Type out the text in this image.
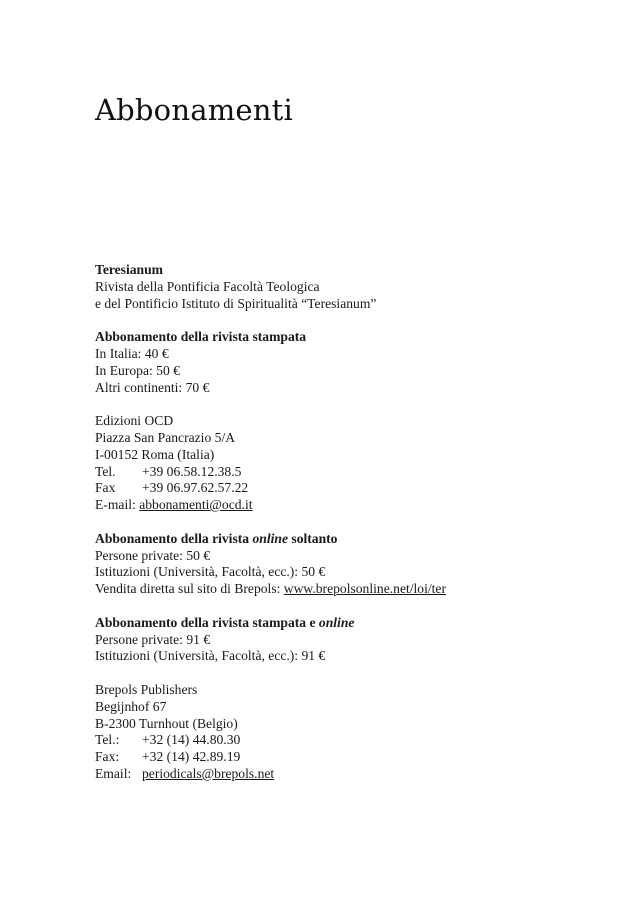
Abbonamenti
Teresianum
Rivista della Pontificia Facoltà Teologica
e del Pontificio Istituto di Spiritualità “Teresianum”
Abbonamento della rivista stampata
In Italia: 40 €
In Europa: 50 €
Altri continenti: 70 €
Edizioni OCD
Piazza San Pancrazio 5/A
I-00152 Roma (Italia)
Tel. +39 06.58.12.38.5
Fax +39 06.97.62.57.22
E-mail: abbonamenti@ocd.it
Abbonamento della rivista online soltanto
Persone private: 50 €
Istituzioni (Università, Facoltà, ecc.): 50 €
Vendita diretta sul sito di Brepols: www.brepolsonline.net/loi/ter
Abbonamento della rivista stampata e online
Persone private: 91 €
Istituzioni (Università, Facoltà, ecc.): 91 €
Brepols Publishers
Begijnhof 67
B-2300 Turnhout (Belgio)
Tel.: +32 (14) 44.80.30
Fax: +32 (14) 42.89.19
Email: periodicals@brepols.net
